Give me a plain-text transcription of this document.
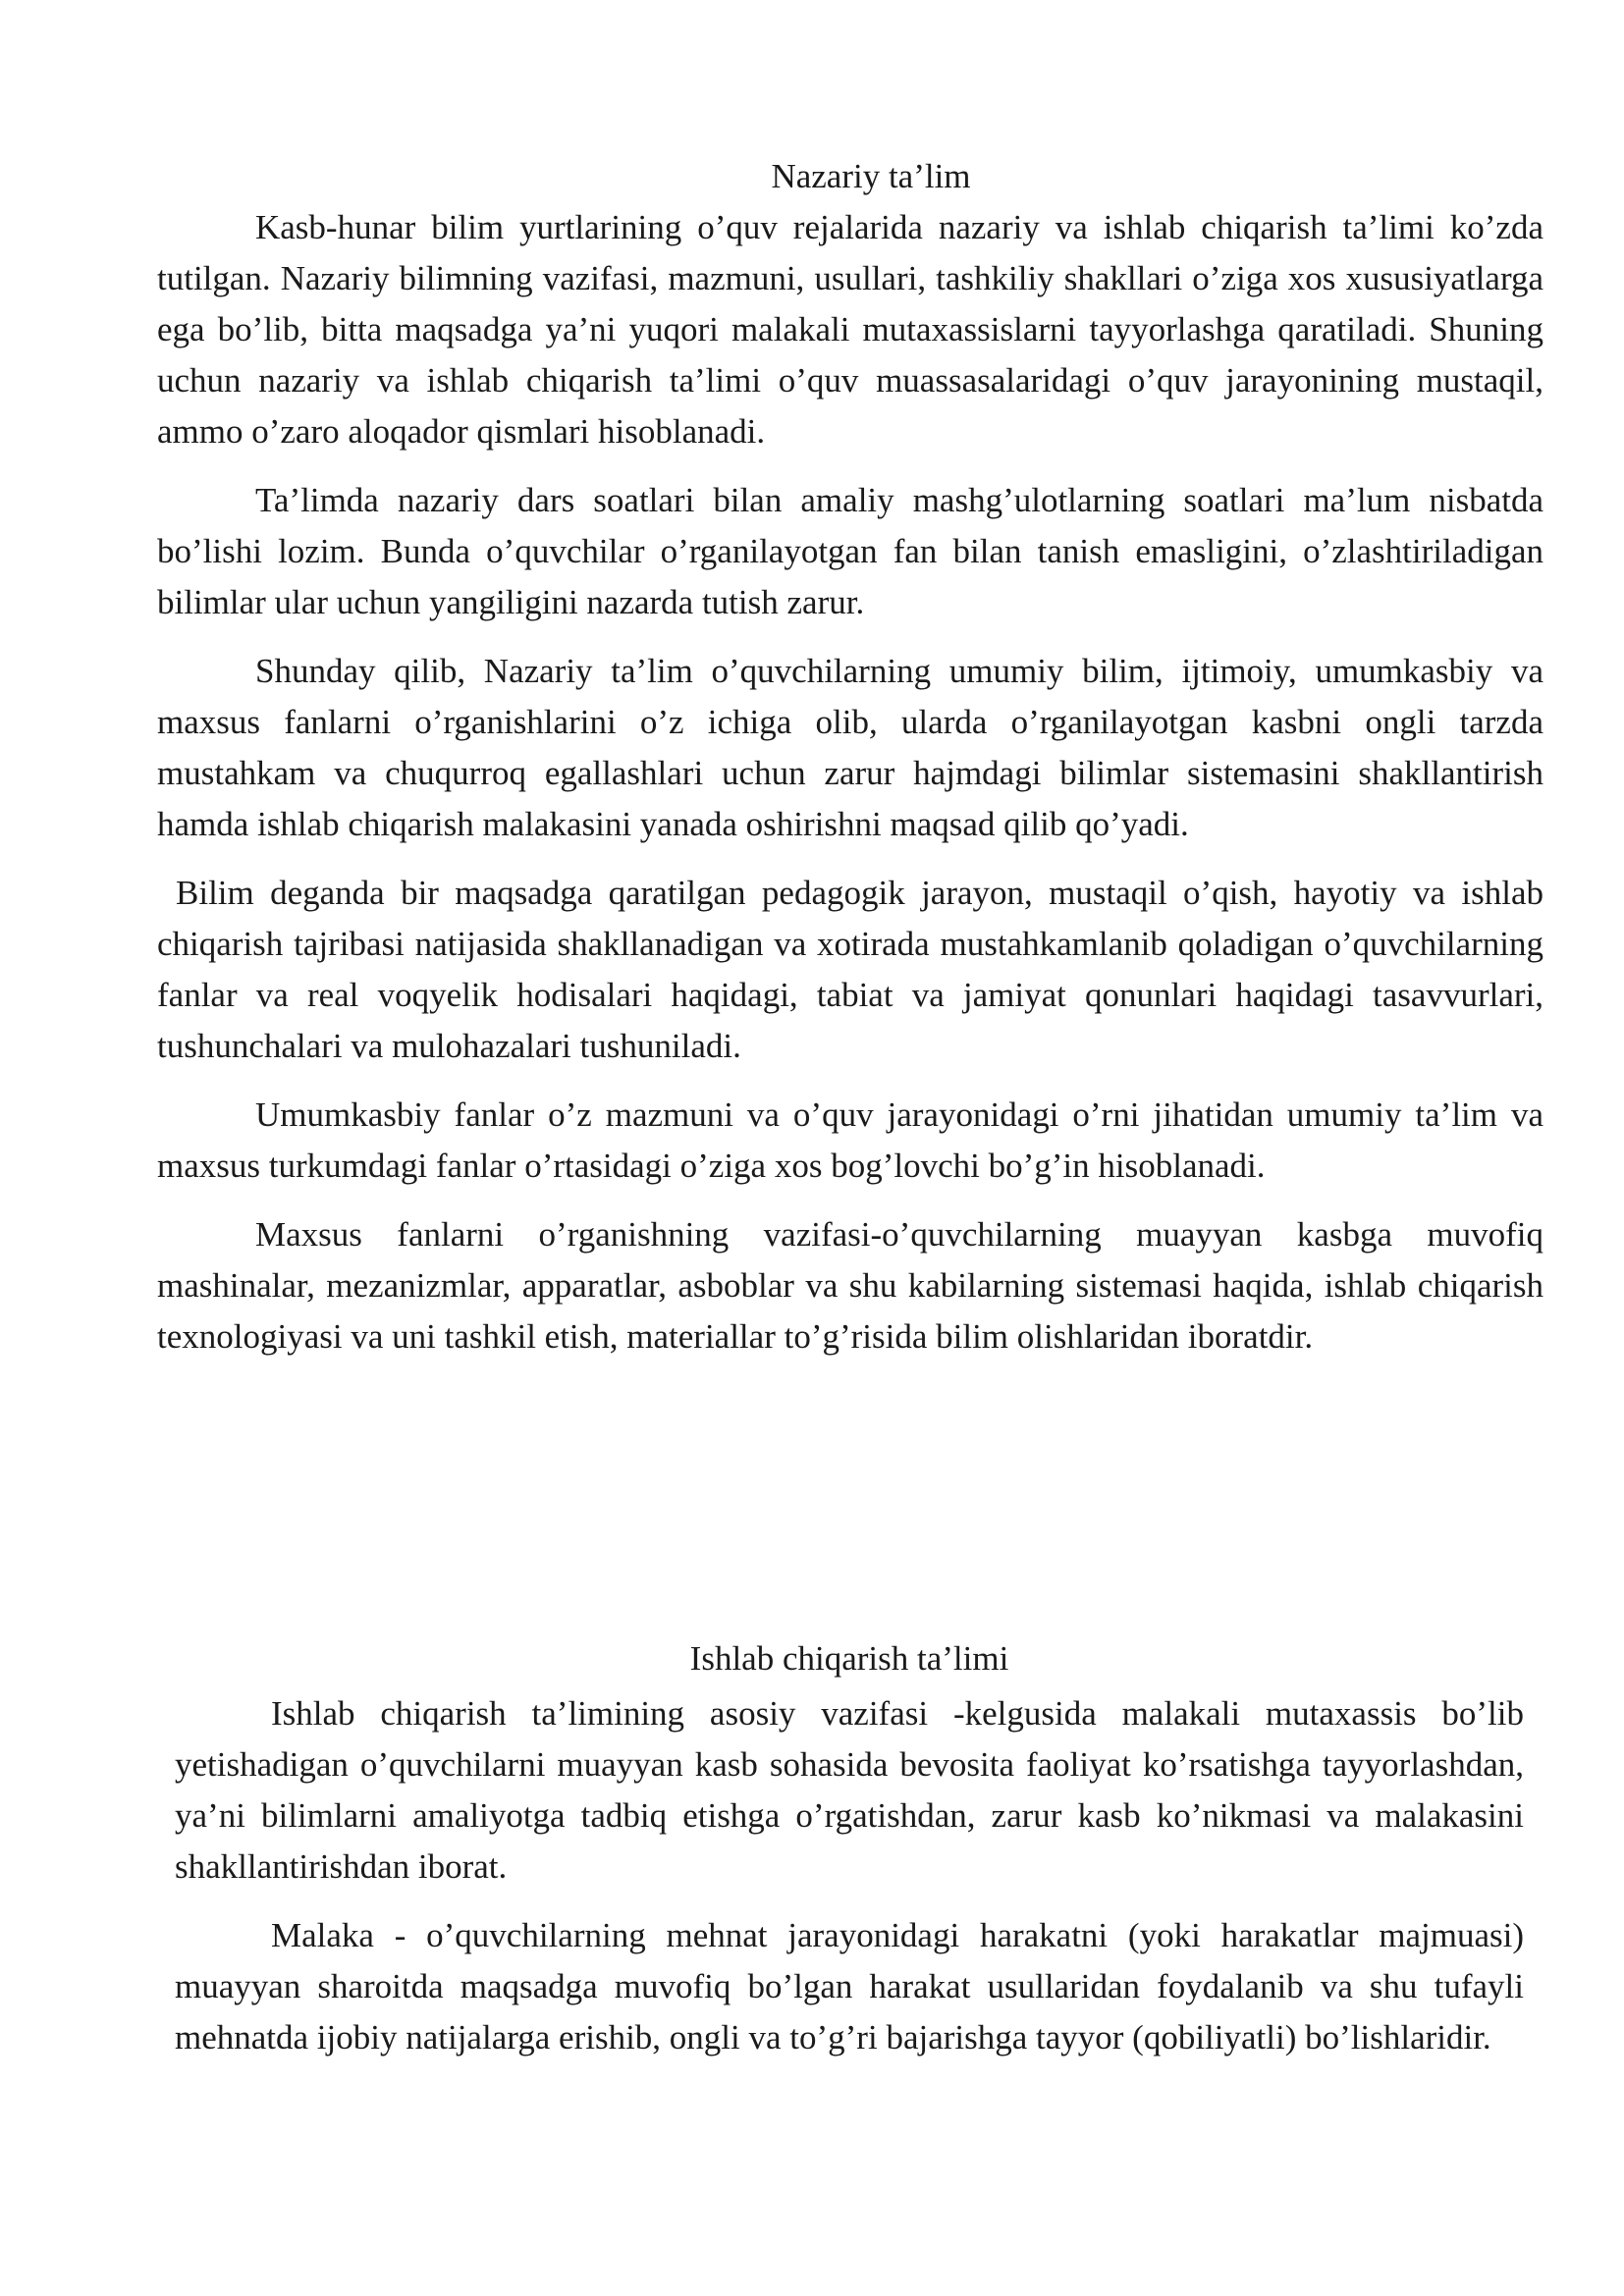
Nazariy ta’lim

Kasb-hunar bilim yurtlarining o’quv rejalarida nazariy va ishlab chiqarish ta’limi ko’zda tutilgan. Nazariy bilimning vazifasi, mazmuni, usullari, tashkiliy shakllari o’ziga xos xususiyatlarga ega bo’lib, bitta maqsadga ya’ni yuqori malakali mutaxassislarni tayyorlashga qaratiladi. Shuning uchun nazariy va ishlab chiqarish ta’limi o’quv muassasalaridagi o’quv jarayonining mustaqil, ammo o’zaro aloqador qismlari hisoblanadi.

Ta’limda nazariy dars soatlari bilan amaliy mashg’ulotlarning soatlari ma’lum nisbatda bo’lishi lozim. Bunda o’quvchilar o’rganilayotgan fan bilan tanish emasligini, o’zlashtiriladigan bilimlar ular uchun yangiligini nazarda tutish zarur.

Shunday qilib, Nazariy ta’lim o’quvchilarning umumiy bilim, ijtimoiy, umumkasbiy va maxsus fanlarni o’rganishlarini o’z ichiga olib, ularda o’rganilayotgan kasbni ongli tarzda mustahkam va chuqurroq egallashlari uchun zarur hajmdagi bilimlar sistemasini shakllantirish hamda ishlab chiqarish malakasini yanada oshirishni maqsad qilib qo’yadi.

Bilim deganda bir maqsadga qaratilgan pedagogik jarayon, mustaqil o’qish, hayotiy va ishlab chiqarish tajribasi natijasida shakllanadigan va xotirada mustahkamlanib qoladigan o’quvchilarning fanlar va real voqyelik hodisalari haqidagi, tabiat va jamiyat qonunlari haqidagi tasavvurlari, tushunchalari va mulohazalari tushuniladi.

Umumkasbiy fanlar o’z mazmuni va o’quv jarayonidagi o’rni jihatidan umumiy ta’lim va maxsus turkumdagi fanlar o’rtasidagi o’ziga xos bog’lovchi bo’g’in hisoblanadi.

Maxsus fanlarni o’rganishning vazifasi-o’quvchilarning muayyan kasbga muvofiq mashinalar, mezanizmlar, apparatlar, asboblar va shu kabilarning sistemasi haqida, ishlab chiqarish texnologiyasi va uni tashkil etish, materiallar to’g’risida bilim olishlaridan iboratdir.

Ishlab chiqarish ta’limi

Ishlab chiqarish ta’limining asosiy vazifasi -kelgusida malakali mutaxassis bo’lib yetishadigan o’quvchilarni muayyan kasb sohasida bevosita faoliyat ko’rsatishga tayyorlashdan, ya’ni bilimlarni amaliyotga tadbiq etishga o’rgatishdan, zarur kasb ko’nikmasi va malakasini shakllantirishdan iborat.

Malaka - o’quvchilarning mehnat jarayonidagi harakatni (yoki harakatlar majmuasi) muayyan sharoitda maqsadga muvofiq bo’lgan harakat usullaridan foydalanib va shu tufayli mehnatda ijobiy natijalarga erishib, ongli va to’g’ri bajarishga tayyor (qobiliyatli) bo’lishlaridir.
